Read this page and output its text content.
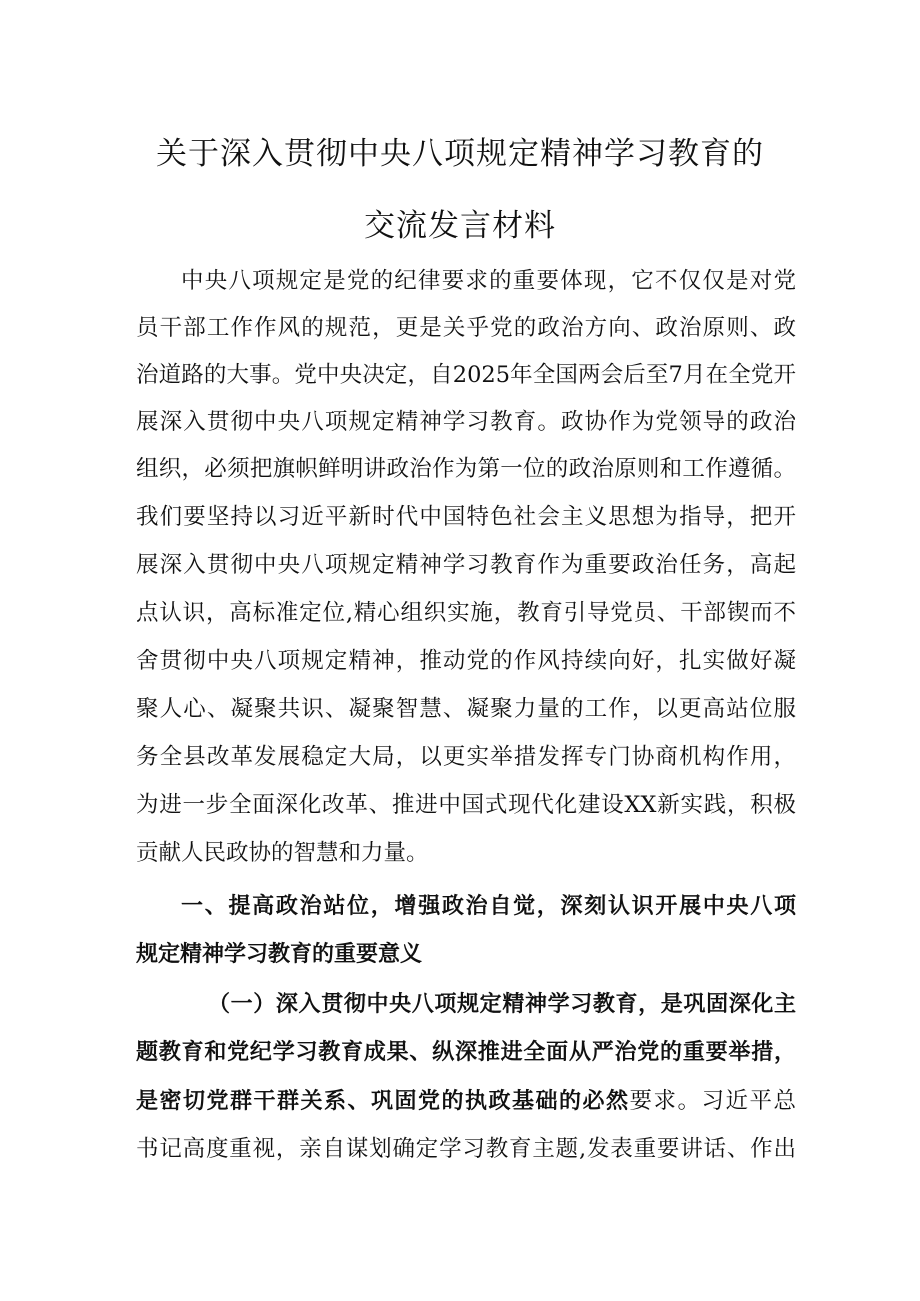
关于深入贯彻中央八项规定精神学习教育的
交流发言材料
中央八项规定是党的纪律要求的重要体现，它不仅仅是对党
员干部工作作风的规范，更是关乎党的政治方向、政治原则、政
治道路的大事。党中央决定，自2025年全国两会后至7月在全党开
展深入贯彻中央八项规定精神学习教育。政协作为党领导的政治
组织，必须把旗帜鲜明讲政治作为第一位的政治原则和工作遵循。
我们要坚持以习近平新时代中国特色社会主义思想为指导，把开
展深入贯彻中央八项规定精神学习教育作为重要政治任务，高起
点认识，高标准定位,精心组织实施，教育引导党员、干部锲而不
舍贯彻中央八项规定精神，推动党的作风持续向好，扎实做好凝
聚人心、凝聚共识、凝聚智慧、凝聚力量的工作，以更高站位服
务全县改革发展稳定大局，以更实举措发挥专门协商机构作用，
为进一步全面深化改革、推进中国式现代化建设XX新实践，积极
贡献人民政协的智慧和力量。
一、提高政治站位，增强政治自觉，深刻认识开展中央八项
规定精神学习教育的重要意义
（一）深入贯彻中央八项规定精神学习教育，是巩固深化主
题教育和党纪学习教育成果、纵深推进全面从严治党的重要举措，
是密切党群干群关系、巩固党的执政基础的必然要求。习近平总
书记高度重视，亲自谋划确定学习教育主题,发表重要讲话、作出
